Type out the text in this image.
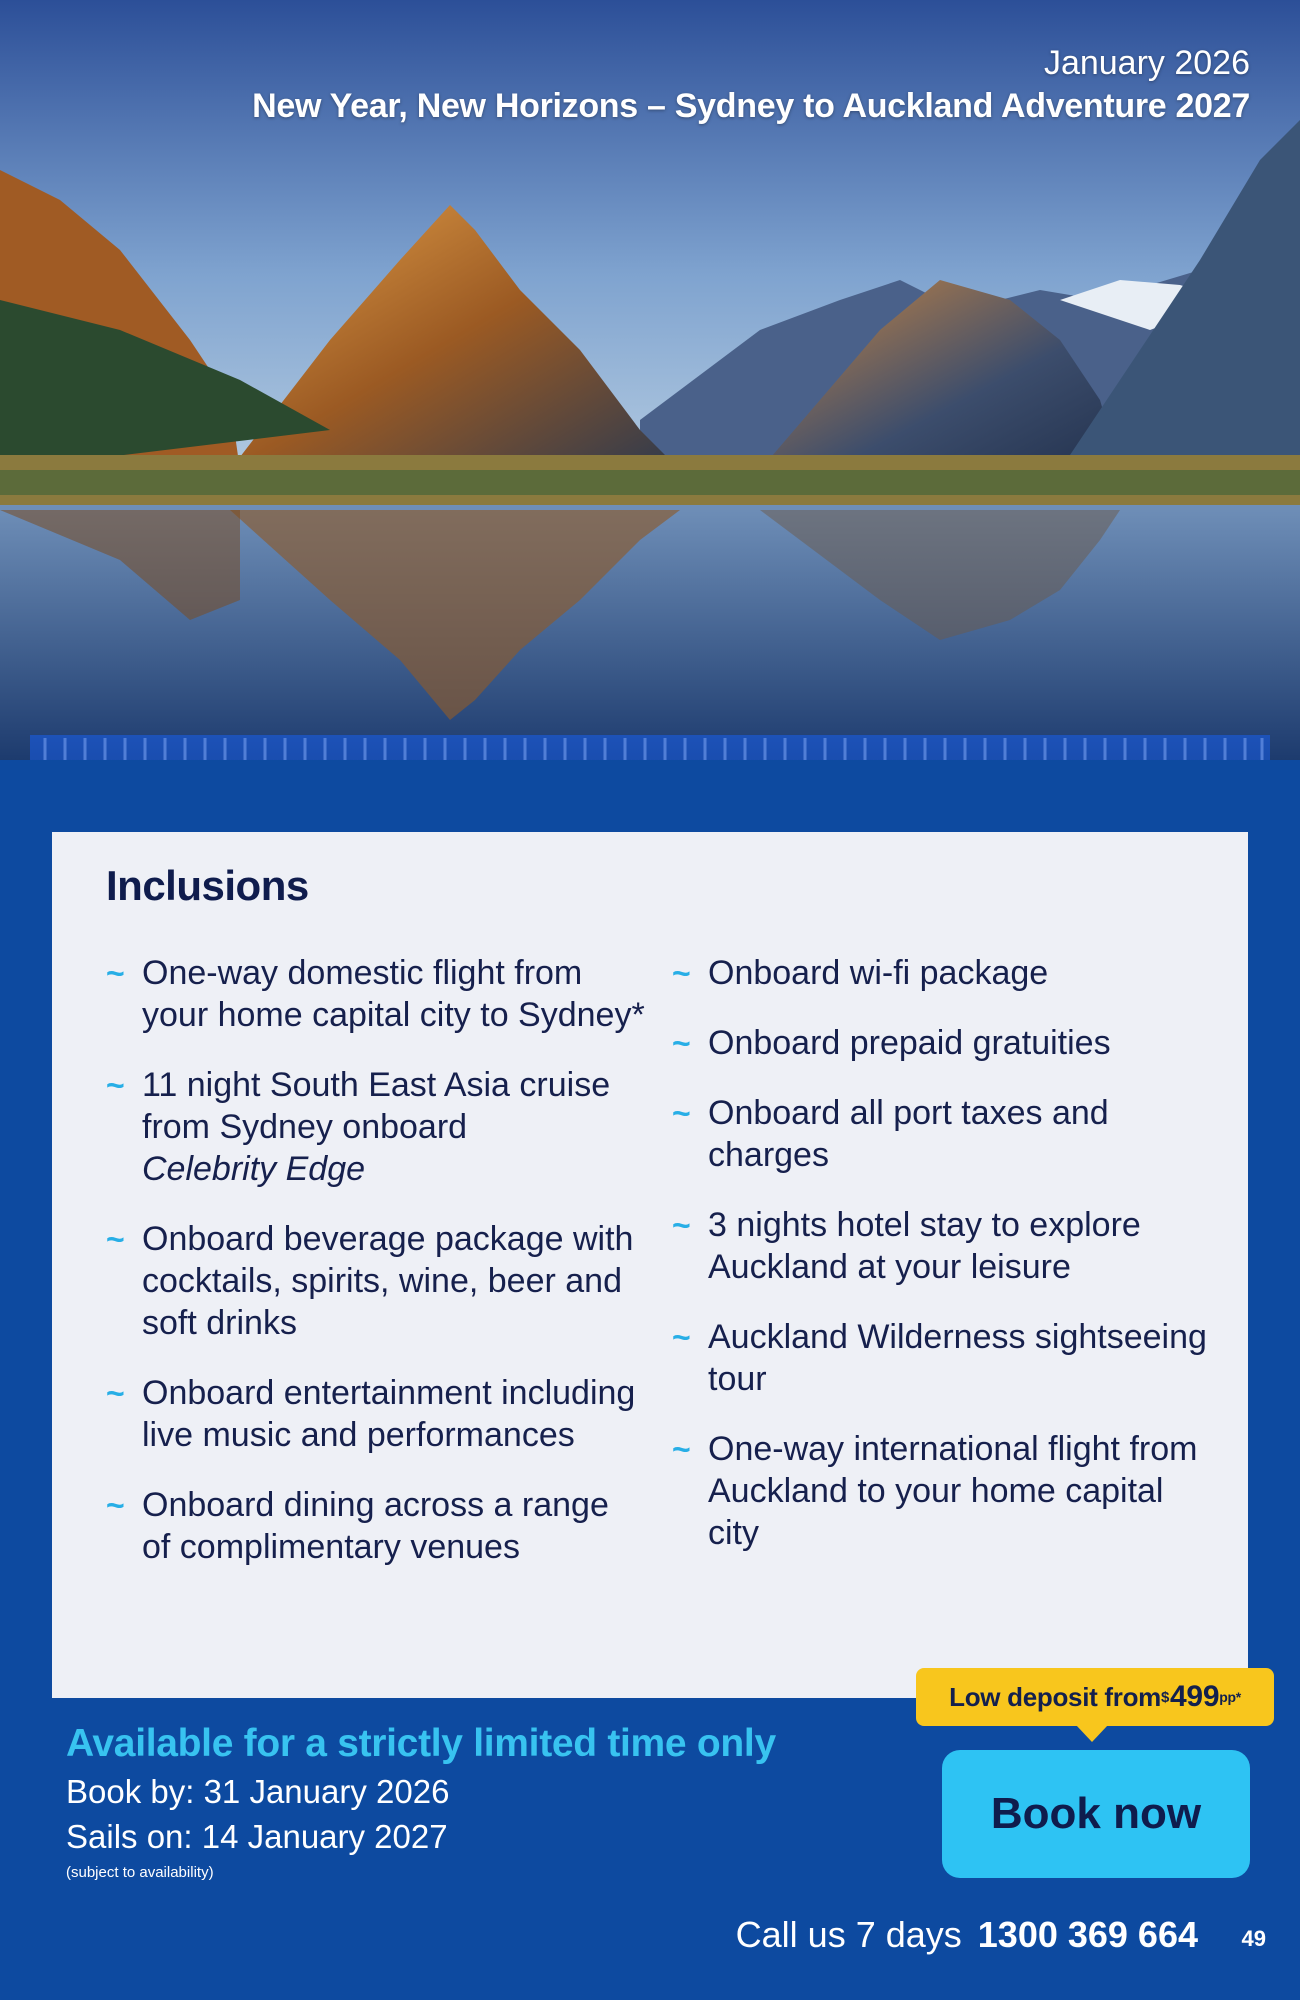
January 2026
New Year, New Horizons – Sydney to Auckland Adventure 2027
Inclusions
~ One-way domestic flight from your home capital city to Sydney*
~ 11 night South East Asia cruise from Sydney onboard
Celebrity Edge
~ Onboard beverage package with cocktails, spirits, wine, beer and soft drinks
~ Onboard entertainment including live music and performances
~ Onboard dining across a range of complimentary venues
~ Onboard wi-fi package
~ Onboard prepaid gratuities
~ Onboard all port taxes and charges
~ 3 nights hotel stay to explore Auckland at your leisure
~ Auckland Wilderness sightseeing tour
~ One-way international flight from Auckland to your home capital city
Available for a strictly limited time only
Book by: 31 January 2026
Sails on: 14 January 2027
(subject to availability)
Low deposit from $ 499 pp*
Book now
Call us 7 days 1300 369 664 49
